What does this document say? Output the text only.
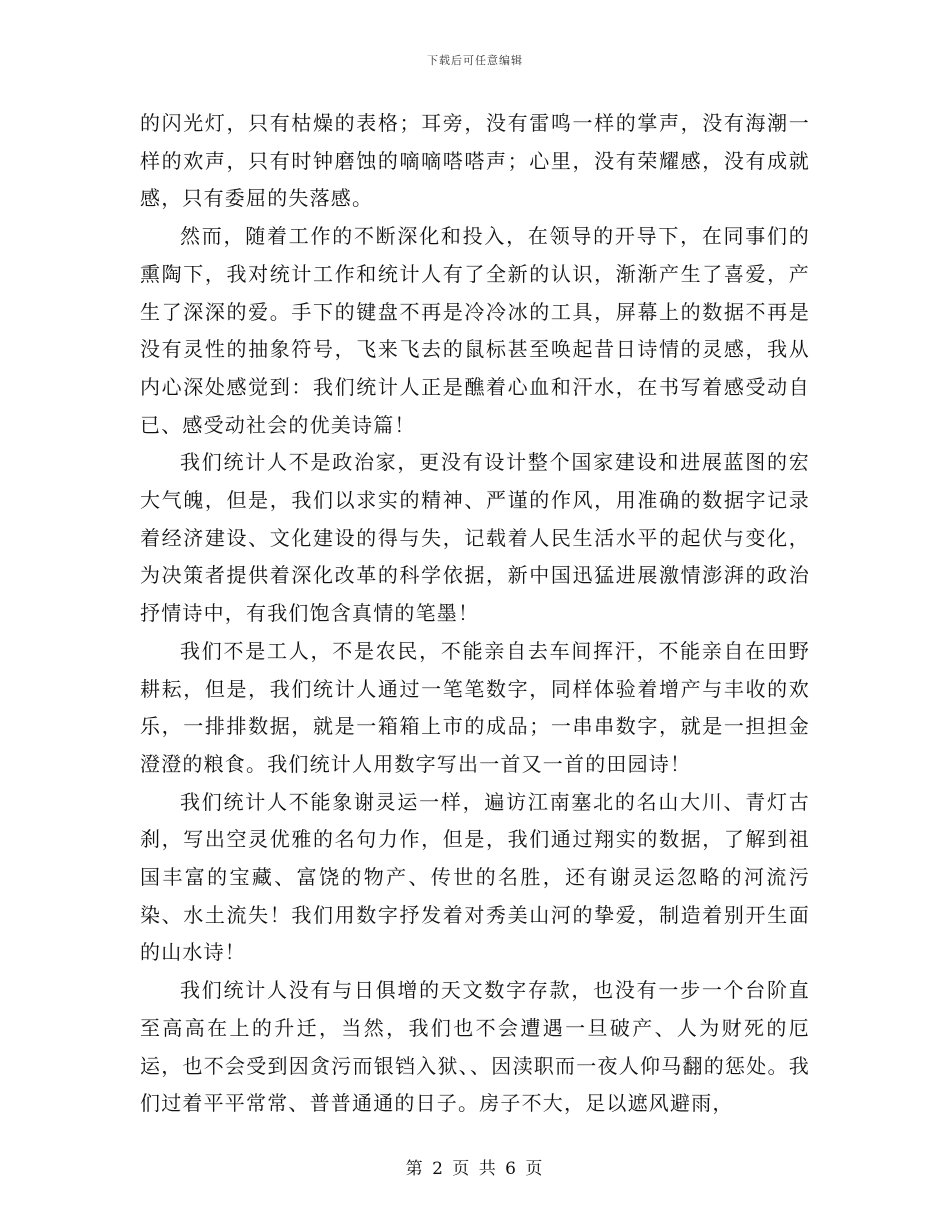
下载后可任意编辑

的闪光灯，只有枯燥的表格；耳旁，没有雷鸣一样的掌声，没有海潮一样的欢声，只有时钟磨蚀的嘀嘀嗒嗒声；心里，没有荣耀感，没有成就感，只有委屈的失落感。

然而，随着工作的不断深化和投入，在领导的开导下，在同事们的熏陶下，我对统计工作和统计人有了全新的认识，渐渐产生了喜爱，产生了深深的爱。手下的键盘不再是冷冷冰的工具，屏幕上的数据不再是没有灵性的抽象符号，飞来飞去的鼠标甚至唤起昔日诗情的灵感，我从内心深处感觉到：我们统计人正是醮着心血和汗水，在书写着感受动自已、感受动社会的优美诗篇！

我们统计人不是政治家，更没有设计整个国家建设和进展蓝图的宏大气魄，但是，我们以求实的精神、严谨的作风，用准确的数据字记录着经济建设、文化建设的得与失，记载着人民生活水平的起伏与变化，为决策者提供着深化改革的科学依据，新中国迅猛进展激情澎湃的政治抒情诗中，有我们饱含真情的笔墨！

我们不是工人，不是农民，不能亲自去车间挥汗，不能亲自在田野耕耘，但是，我们统计人通过一笔笔数字，同样体验着增产与丰收的欢乐，一排排数据，就是一箱箱上市的成品；一串串数字，就是一担担金澄澄的粮食。我们统计人用数字写出一首又一首的田园诗！

我们统计人不能象谢灵运一样，遍访江南塞北的名山大川、青灯古刹，写出空灵优雅的名句力作，但是，我们通过翔实的数据，了解到祖国丰富的宝藏、富饶的物产、传世的名胜，还有谢灵运忽略的河流污染、水土流失！我们用数字抒发着对秀美山河的挚爱，制造着别开生面的山水诗！

我们统计人没有与日俱增的天文数字存款，也没有一步一个台阶直至高高在上的升迁，当然，我们也不会遭遇一旦破产、人为财死的厄运，也不会受到因贪污而银铛入狱、、因渎职而一夜人仰马翻的惩处。我们过着平平常常、普普通通的日子。房子不大，足以遮风避雨，

第 2 页 共 6 页
